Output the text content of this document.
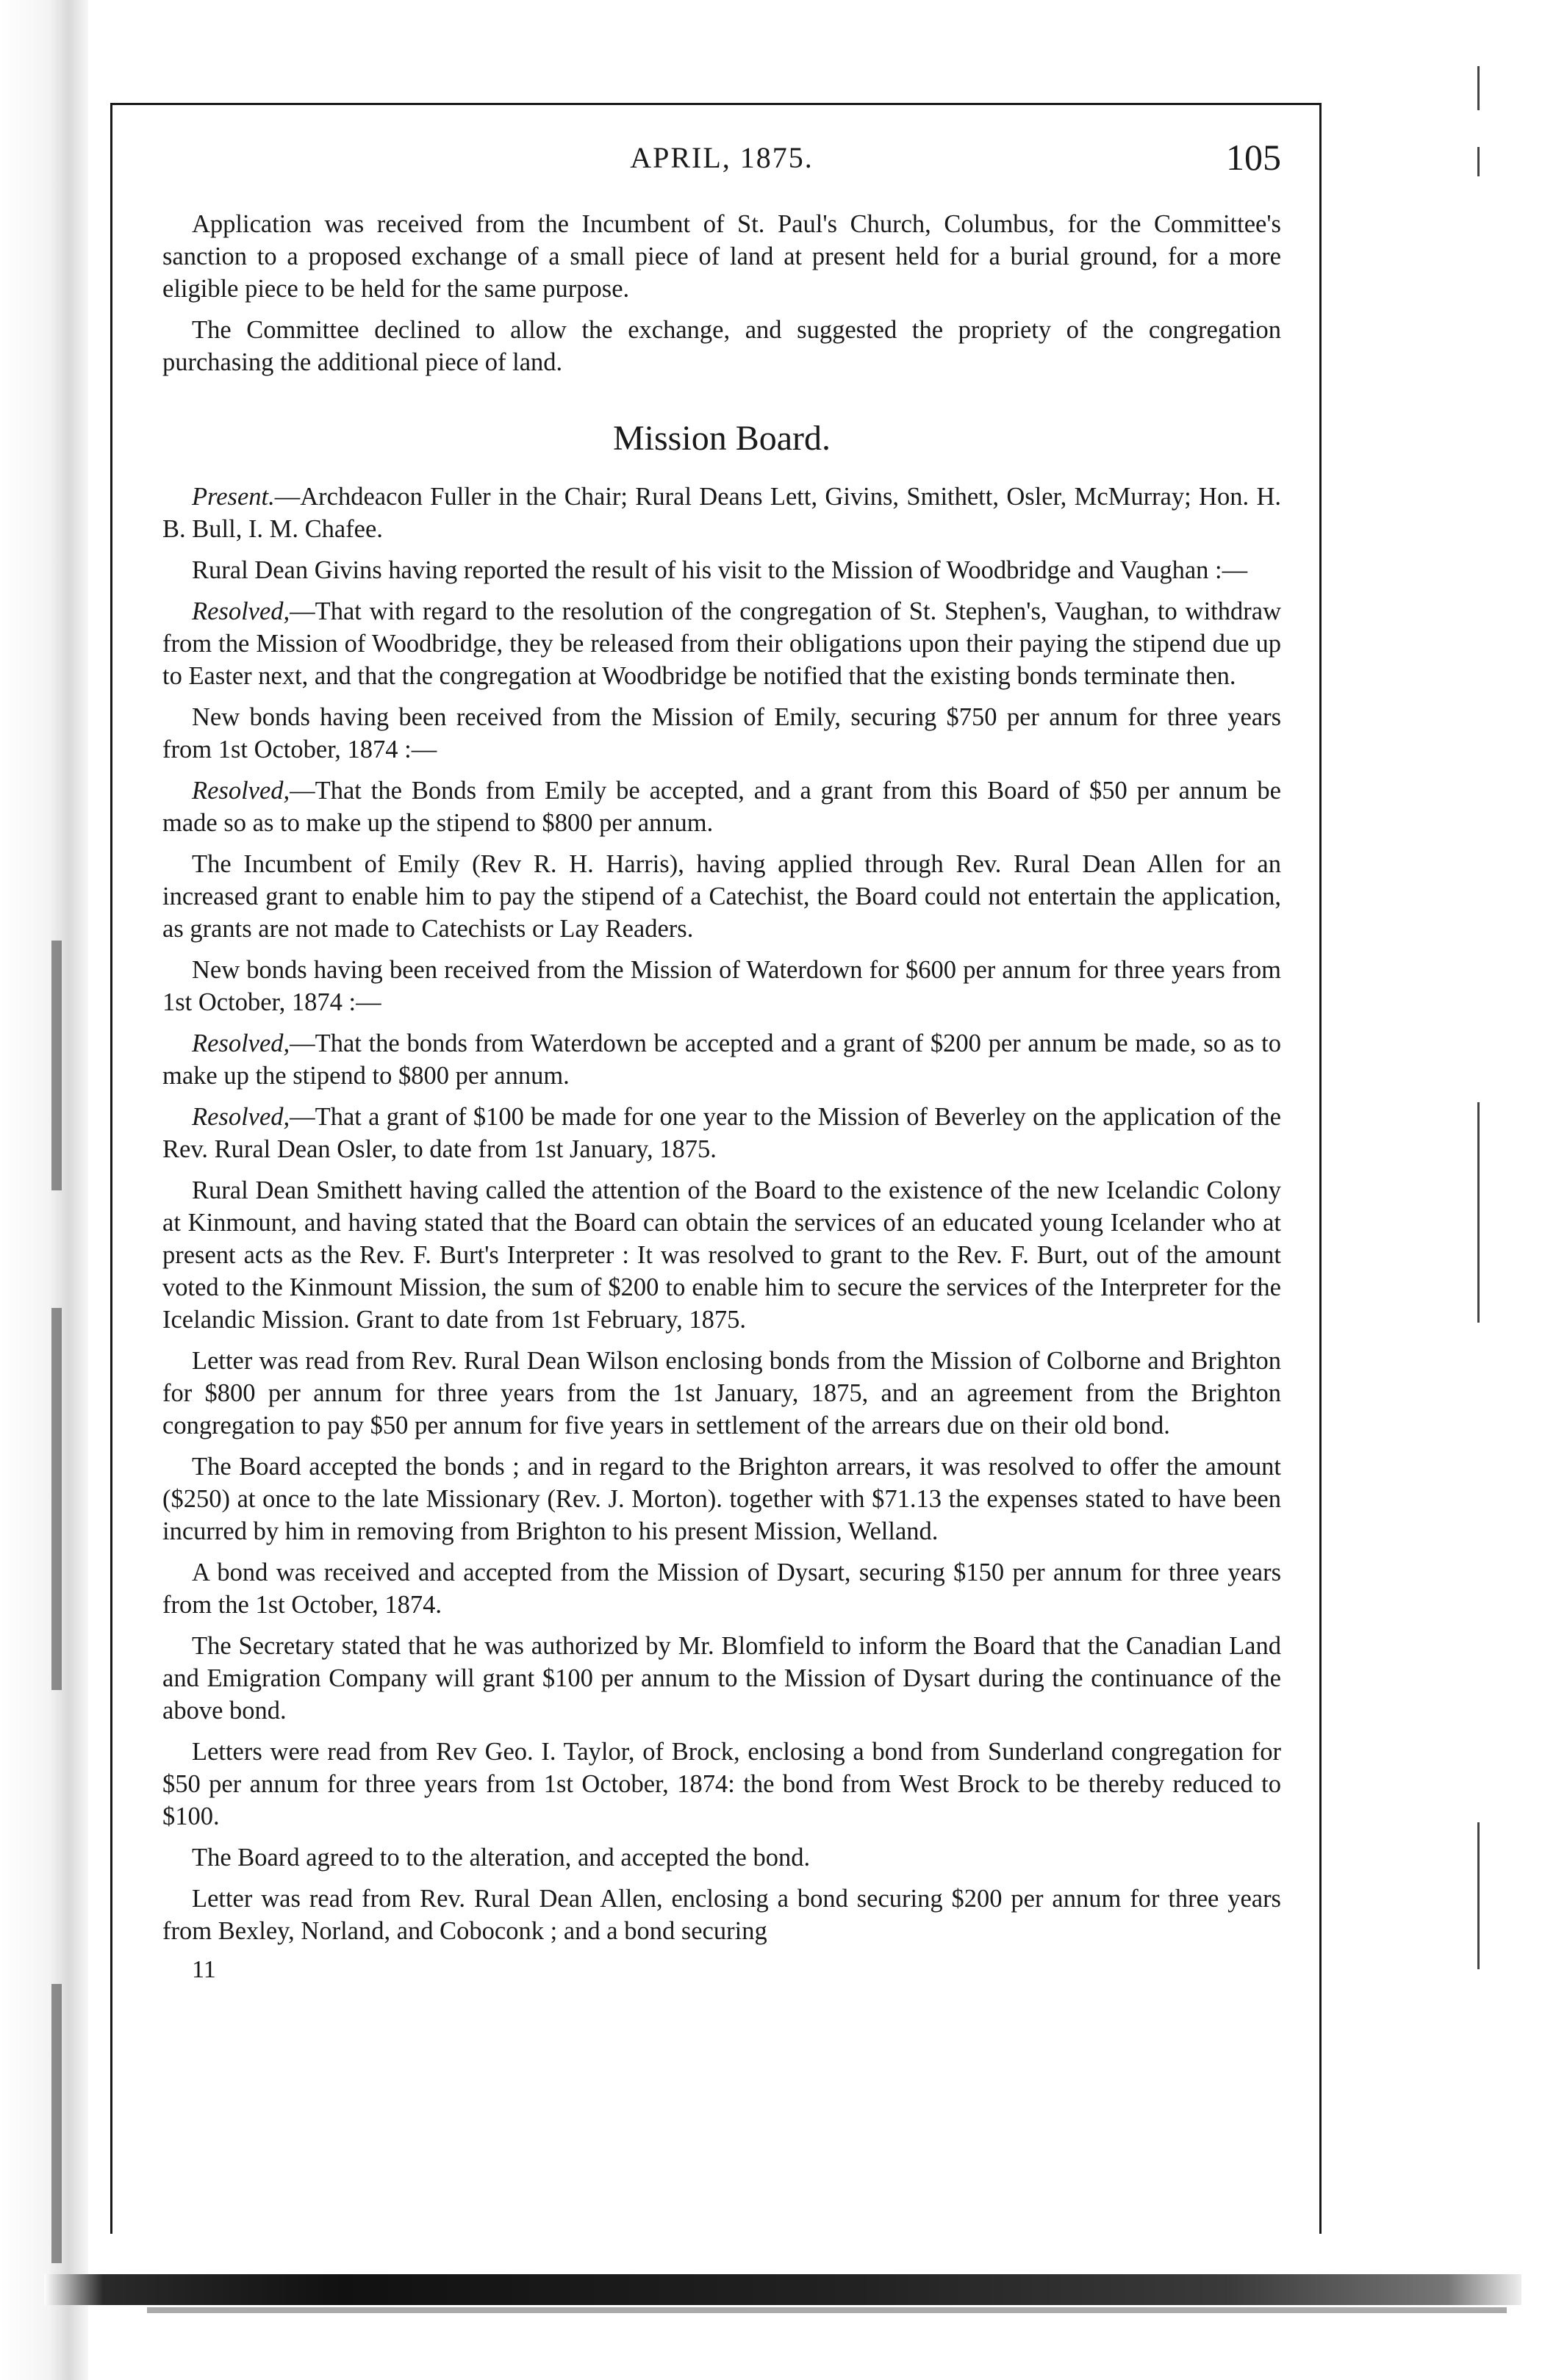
APRIL, 1875.	105

Application was received from the Incumbent of St. Paul's Church, Columbus, for the Committee's sanction to a proposed exchange of a small piece of land at present held for a burial ground, for a more eligible piece to be held for the same purpose.

The Committee declined to allow the exchange, and suggested the propriety of the congregation purchasing the additional piece of land.

Mission Board.

Present.—Archdeacon Fuller in the Chair; Rural Deans Lett, Givins, Smithett, Osler, McMurray; Hon. H. B. Bull, I. M. Chafee.

Rural Dean Givins having reported the result of his visit to the Mission of Woodbridge and Vaughan :—

Resolved,—That with regard to the resolution of the congregation of St. Stephen's, Vaughan, to withdraw from the Mission of Woodbridge, they be released from their obligations upon their paying the stipend due up to Easter next, and that the congregation at Woodbridge be notified that the existing bonds terminate then.

New bonds having been received from the Mission of Emily, securing $750 per annum for three years from 1st October, 1874 :—

Resolved,—That the Bonds from Emily be accepted, and a grant from this Board of $50 per annum be made so as to make up the stipend to $800 per annum.

The Incumbent of Emily (Rev R. H. Harris), having applied through Rev. Rural Dean Allen for an increased grant to enable him to pay the stipend of a Catechist, the Board could not entertain the application, as grants are not made to Catechists or Lay Readers.

New bonds having been received from the Mission of Waterdown for $600 per annum for three years from 1st October, 1874 :—

Resolved,—That the bonds from Waterdown be accepted and a grant of $200 per annum be made, so as to make up the stipend to $800 per annum.

Resolved,—That a grant of $100 be made for one year to the Mission of Beverley on the application of the Rev. Rural Dean Osler, to date from 1st January, 1875.

Rural Dean Smithett having called the attention of the Board to the existence of the new Icelandic Colony at Kinmount, and having stated that the Board can obtain the services of an educated young Icelander who at present acts as the Rev. F. Burt's Interpreter : It was resolved to grant to the Rev. F. Burt, out of the amount voted to the Kinmount Mission, the sum of $200 to enable him to secure the services of the Interpreter for the Icelandic Mission. Grant to date from 1st February, 1875.

Letter was read from Rev. Rural Dean Wilson enclosing bonds from the Mission of Colborne and Brighton for $800 per annum for three years from the 1st January, 1875, and an agreement from the Brighton congregation to pay $50 per annum for five years in settlement of the arrears due on their old bond.

The Board accepted the bonds ; and in regard to the Brighton arrears, it was resolved to offer the amount ($250) at once to the late Missionary (Rev. J. Morton). together with $71.13 the expenses stated to have been incurred by him in removing from Brighton to his present Mission, Welland.

A bond was received and accepted from the Mission of Dysart, securing $150 per annum for three years from the 1st October, 1874.

The Secretary stated that he was authorized by Mr. Blomfield to inform the Board that the Canadian Land and Emigration Company will grant $100 per annum to the Mission of Dysart during the continuance of the above bond.

Letters were read from Rev Geo. I. Taylor, of Brock, enclosing a bond from Sunderland congregation for $50 per annum for three years from 1st October, 1874: the bond from West Brock to be thereby reduced to $100.

The Board agreed to to the alteration, and accepted the bond.

Letter was read from Rev. Rural Dean Allen, enclosing a bond securing $200 per annum for three years from Bexley, Norland, and Coboconk ; and a bond securing

11
